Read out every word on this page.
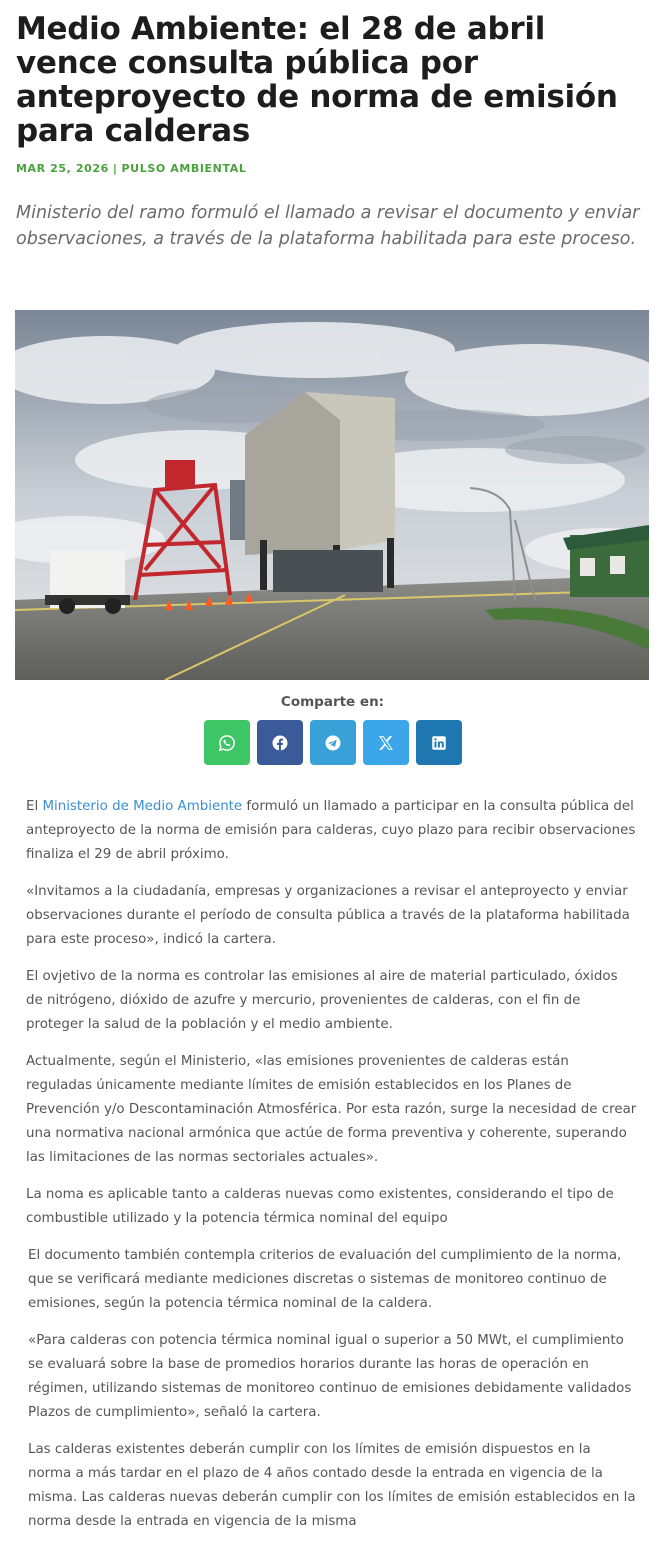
Medio Ambiente: el 28 de abril vence consulta pública por anteproyecto de norma de emisión para calderas
MAR 25, 2026 | PULSO AMBIENTAL

Ministerio del ramo formuló el llamado a revisar el documento y enviar observaciones, a través de la plataforma habilitada para este proceso.

Comparte en:

El Ministerio de Medio Ambiente formuló un llamado a participar en la consulta pública del anteproyecto de la norma de emisión para calderas, cuyo plazo para recibir observaciones finaliza el 29 de abril próximo.

«Invitamos a la ciudadanía, empresas y organizaciones a revisar el anteproyecto y enviar observaciones durante el período de consulta pública a través de la plataforma habilitada para este proceso», indicó la cartera.

El ovjetivo de la norma es controlar las emisiones al aire de material particulado, óxidos de nitrógeno, dióxido de azufre y mercurio, provenientes de calderas, con el fin de proteger la salud de la población y el medio ambiente.

Actualmente, según el Ministerio, «las emisiones provenientes de calderas están reguladas únicamente mediante límites de emisión establecidos en los Planes de Prevención y/o Descontaminación Atmosférica. Por esta razón, surge la necesidad de crear una normativa nacional armónica que actúe de forma preventiva y coherente, superando las limitaciones de las normas sectoriales actuales».

La noma es aplicable tanto a calderas nuevas como existentes, considerando el tipo de combustible utilizado y la potencia térmica nominal del equipo

El documento también contempla criterios de evaluación del cumplimiento de la norma, que se verificará mediante mediciones discretas o sistemas de monitoreo continuo de emisiones, según la potencia térmica nominal de la caldera.

«Para calderas con potencia térmica nominal igual o superior a 50 MWt, el cumplimiento se evaluará sobre la base de promedios horarios durante las horas de operación en régimen, utilizando sistemas de monitoreo continuo de emisiones debidamente validados Plazos de cumplimiento», señaló la cartera.

Las calderas existentes deberán cumplir con los límites de emisión dispuestos en la norma a más tardar en el plazo de 4 años contado desde la entrada en vigencia de la misma. Las calderas nuevas deberán cumplir con los límites de emisión establecidos en la norma desde la entrada en vigencia de la misma
